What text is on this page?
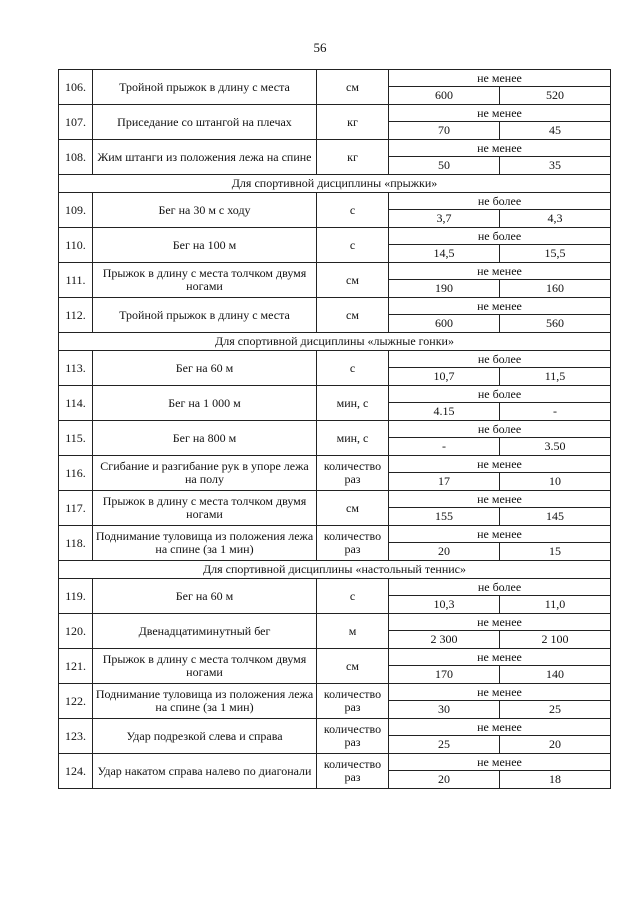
56
106.	Тройной прыжок в длину с места	см	не менее	
			600	520
107.	Приседание со штангой на плечах	кг	не менее	
			70	45
108.	Жим штанги из положения лежа на спине	кг	не менее	
			50	35
Для спортивной дисциплины «прыжки»				
109.	Бег на 30 м с ходу	с	не более	
			3,7	4,3
110.	Бег на 100 м	с	не более	
			14,5	15,5
111.	Прыжок в длину с места толчком двумя ногами	см	не менее	
			190	160
112.	Тройной прыжок в длину с места	см	не менее	
			600	560
Для спортивной дисциплины «лыжные гонки»				
113.	Бег на 60 м	с	не более	
			10,7	11,5
114.	Бег на 1 000 м	мин, с	не более	
			4.15	-
115.	Бег на 800 м	мин, с	не более	
			-	3.50
116.	Сгибание и разгибание рук в упоре лежа на полу	количество раз	не менее	
			17	10
117.	Прыжок в длину с места толчком двумя ногами	см	не менее	
			155	145
118.	Поднимание туловища из положения лежа на спине (за 1 мин)	количество раз	не менее	
			20	15
Для спортивной дисциплины «настольный теннис»				
119.	Бег на 60 м	с	не более	
			10,3	11,0
120.	Двенадцатиминутный бег	м	не менее	
			2 300	2 100
121.	Прыжок в длину с места толчком двумя ногами	см	не менее	
			170	140
122.	Поднимание туловища из положения лежа на спине (за 1 мин)	количество раз	не менее	
			30	25
123.	Удар подрезкой слева и справа	количество раз	не менее	
			25	20
124.	Удар накатом справа налево по диагонали	количество раз	не менее	
			20	18
